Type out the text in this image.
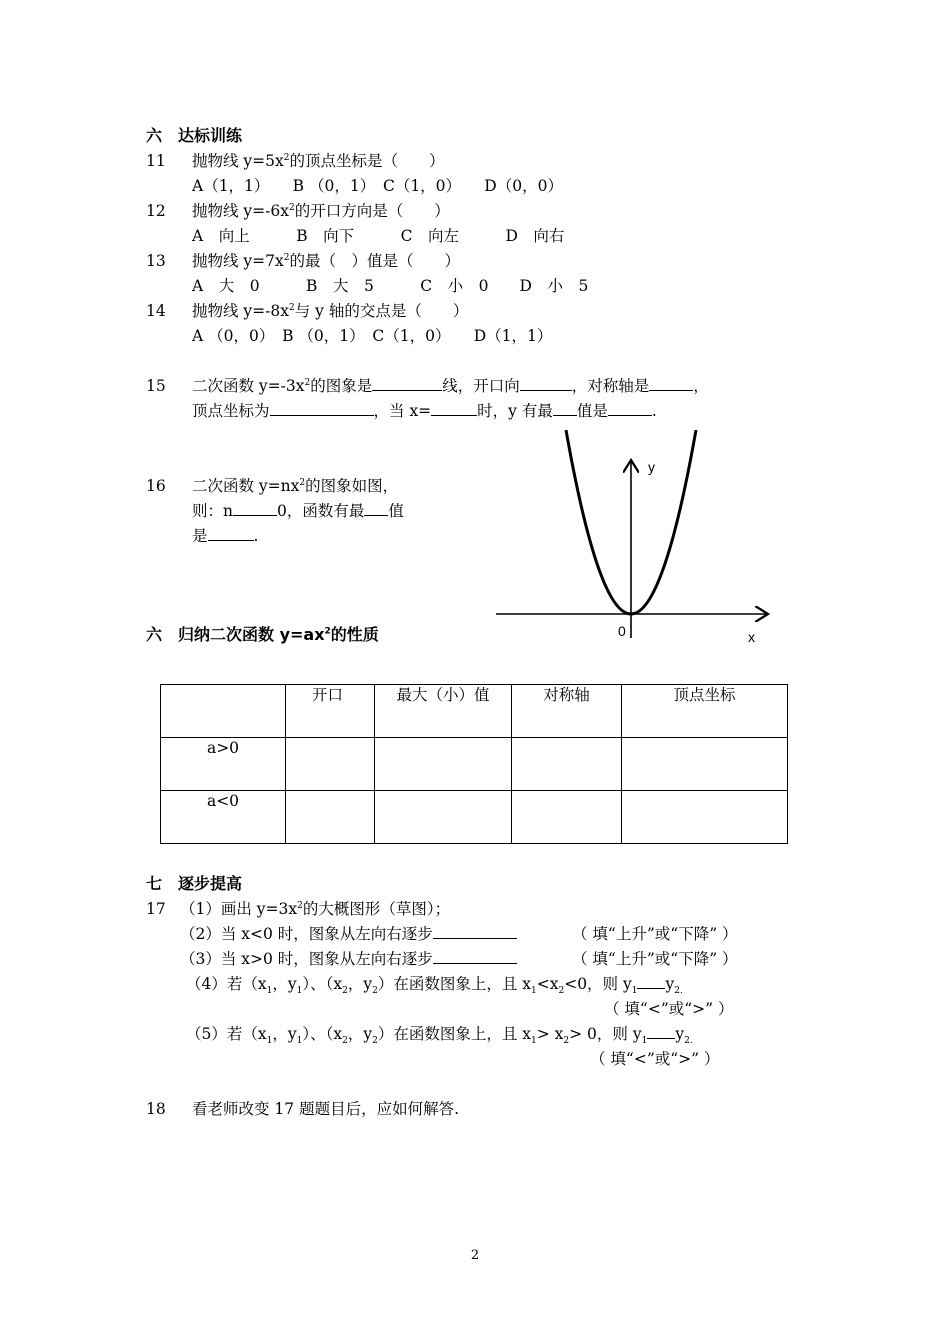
六　达标训练
11 抛物线 $y=5x^2$的顶点坐标是（　　）
A（1，1）　　B （0，1）　C（1，0）　　D（0，0）
12 抛物线 $y=-6x^2$的开口方向是（　　）
A　向上　　　B　向下　　　C　向左　　　D　向右
13 抛物线 $y=7x^2$的最（　）值是（　　）
A　大　0　　　B　大　5　　　C　小　0　　D　小　5
14 抛物线 $y=-8x^2$与 y 轴的交点是（　　）
A （0，0）　B （0，1）　C（1，0）　　D（1，1）
15 二次函数 $y=-3x^2$的图象是	线，开口向	，对称轴是	，
顶点坐标为	，当 x=	时，y 有最 值是	.
16 二次函数 $y=nx^2$的图象如图，
则：n	0，函数有最 值
是	.
y
x
0
六　归纳二次函数 $y=ax^2$的性质
	开口	最大（小）值	对称轴	顶点坐标
a>0				
a<0				
七　逐步提高
17 （1）画出 $y=3x^2$的大概图形（草图）；
（2）当 x<0 时，图象从左向右逐步	（ 填“上升”或“下降” ）
（3）当 x>0 时，图象从左向右逐步	（ 填“上升”或“下降” ）
（4）若（$x_1$，$y_1$）、（$x_2$，$y_2$）在函数图象上，且 $x_1<x_2<0$，则 $y_1$ $y_{2.}$
（ 填“<”或“>” ）
（5）若（$x_1$，$y_1$）、（$x_2$，$y_2$）在函数图象上，且 $x_1> x_2> 0$，则 $y_1$ $y_{2.}$
（ 填“<”或“>” ）
18 看老师改变 17 题题目后，应如何解答.
2
